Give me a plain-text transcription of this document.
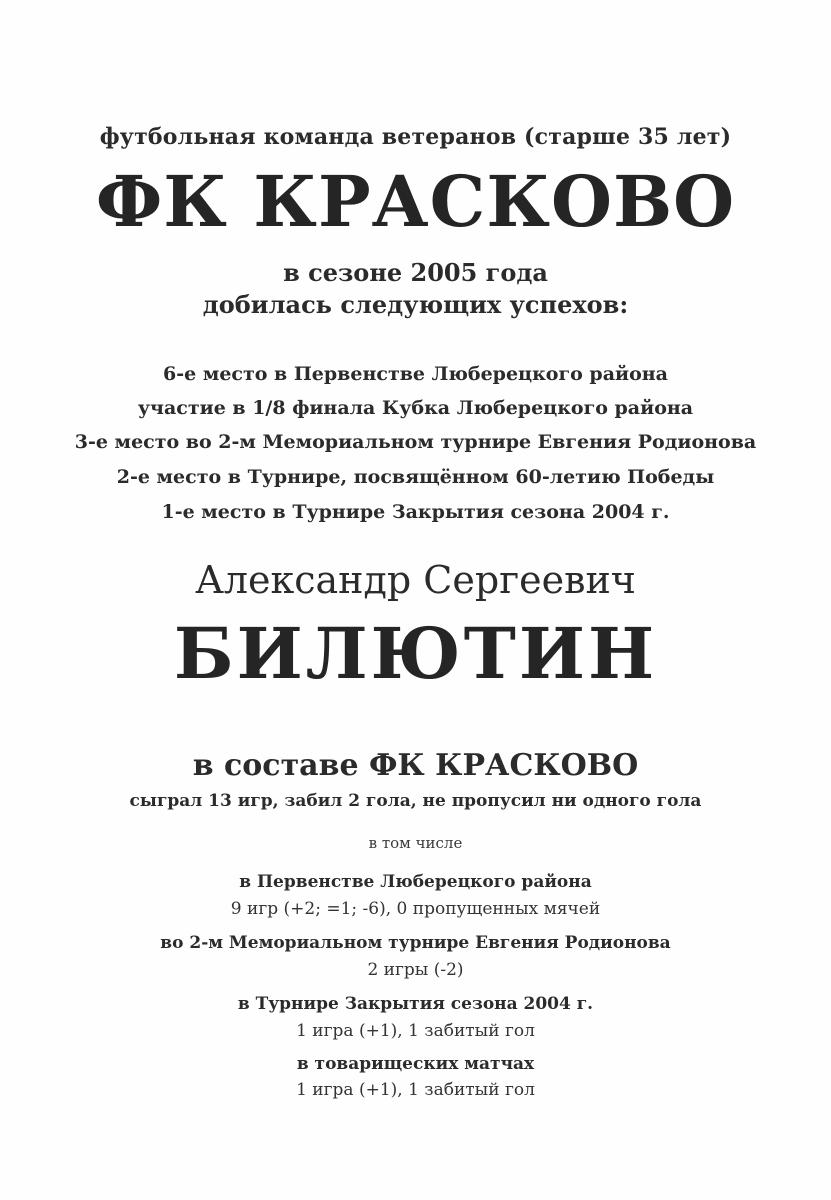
футбольная команда ветеранов (старше 35 лет)
ФК КРАСКОВО
в сезоне 2005 года
добилась следующих успехов:
6-е место в Первенстве Люберецкого района
участие в 1/8 финала Кубка Люберецкого района
3-е место во 2-м Мемориальном турнире Евгения Родионова
2-е место в Турнире, посвящённом 60-летию Победы
1-е место в Турнире Закрытия сезона 2004 г.
Александр Сергеевич
БИЛЮТИН
в составе ФК КРАСКОВО
сыграл 13 игр, забил 2 гола, не пропусил ни одного гола
в том числе
в Первенстве Люберецкого района
9 игр (+2; =1; -6), 0 пропущенных мячей
во 2-м Мемориальном турнире Евгения Родионова
2 игры (-2)
в Турнире Закрытия сезона 2004 г.
1 игра (+1), 1 забитый гол
в товарищеских матчах
1 игра (+1), 1 забитый гол
